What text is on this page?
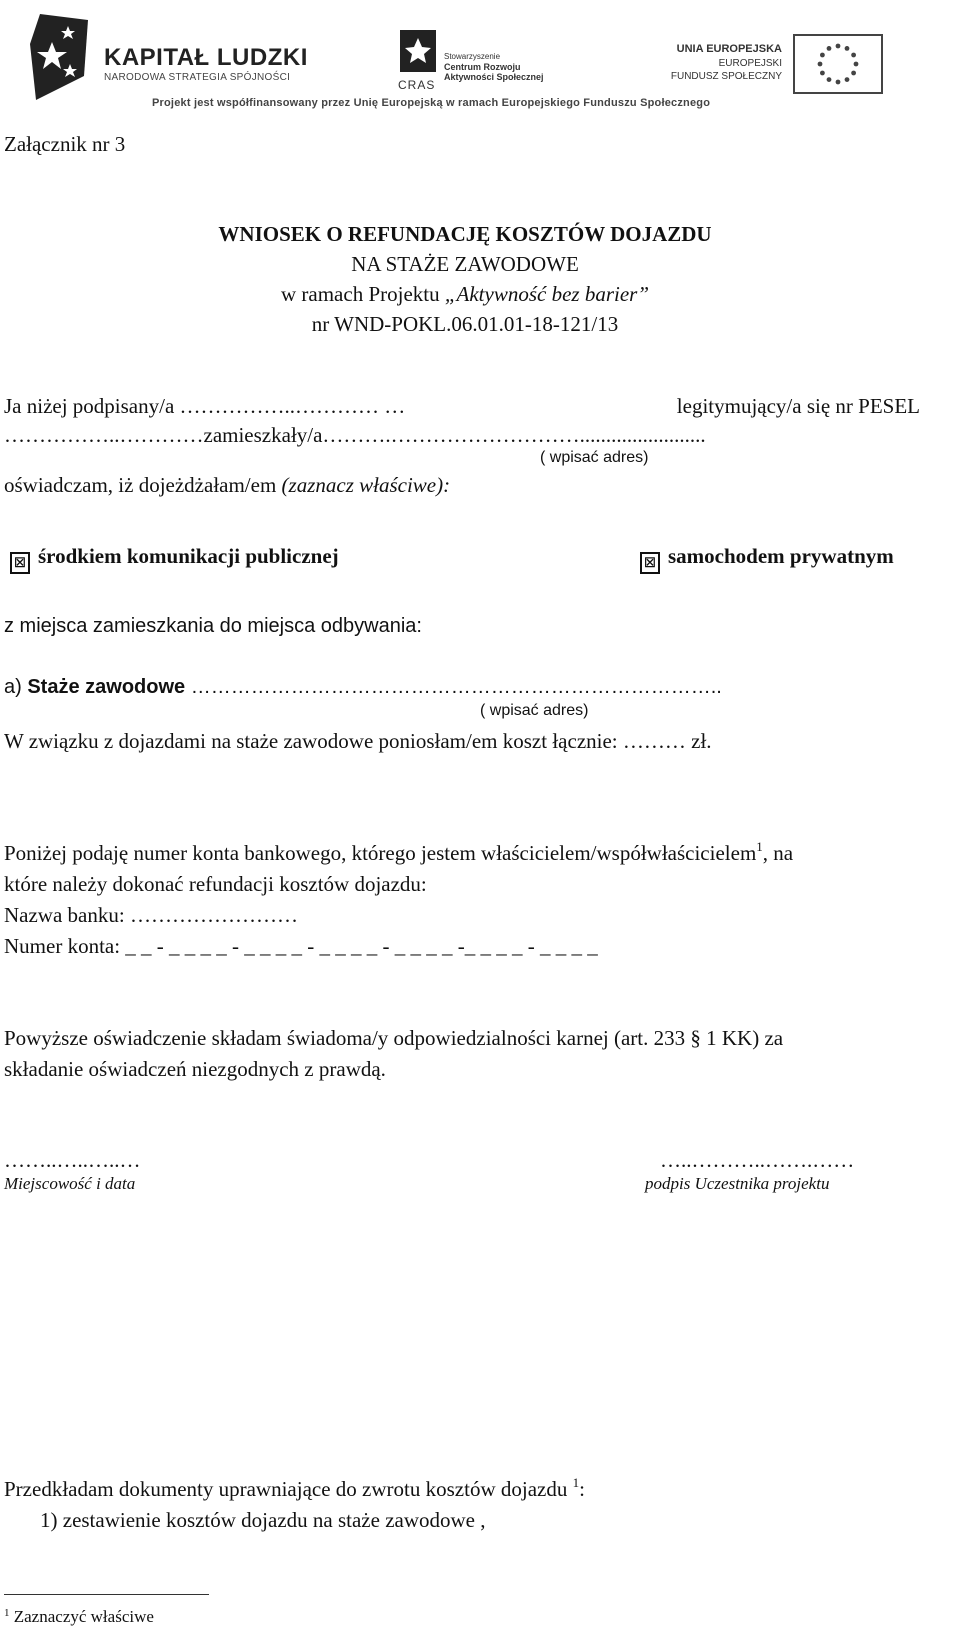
KAPITAŁ LUDZKI
NARODOWA STRATEGIA SPÓJNOŚCI
CRAS
Stowarzyszenie
Centrum Rozwoju
Aktywności Społecznej
UNIA EUROPEJSKA
EUROPEJSKI
FUNDUSZ SPOŁECZNY
Projekt jest współfinansowany przez Unię Europejską w ramach Europejskiego Funduszu Społecznego
Załącznik nr 3
WNIOSEK O REFUNDACJĘ KOSZTÓW DOJAZDU
NA STAŻE ZAWODOWE
w ramach Projektu „Aktywność bez barier”
nr WND-POKL.06.01.01-18-121/13
Ja niżej podpisany/a ……………..………… …	legitymujący/a się nr PESEL
……………..…………zamieszkały/a……….………………………........................
( wpisać adres)
oświadczam, iż dojeżdżałam/em (zaznacz właściwe):
☒ środkiem komunikacji publicznej	☒ samochodem prywatnym
z miejsca zamieszkania do miejsca odbywania:
a) Staże zawodowe ……………………………………………………………………..
( wpisać adres)
W związku z dojazdami na staże zawodowe poniosłam/em koszt łącznie: ……… zł.
Poniżej podaję numer konta bankowego, którego jestem właścicielem/współwłaścicielem$^1$, na
które należy dokonać refundacji kosztów dojazdu:
Nazwa banku: ……………………
Numer konta: _ _ - _ _ _ _ - _ _ _ _ - _ _ _ _ - _ _ _ _ -_ _ _ _ - _ _ _ _
Powyższe oświadczenie składam świadoma/y odpowiedzialności karnej (art. 233 § 1 KK) za
składanie oświadczeń niezgodnych z prawdą.
……..…..…..…
Miejscowość i data
…..………..…….……
podpis Uczestnika projektu
Przedkładam dokumenty uprawniające do zwrotu kosztów dojazdu $^1$:
1) zestawienie kosztów dojazdu na staże zawodowe ,
$^1$ Zaznaczyć właściwe
